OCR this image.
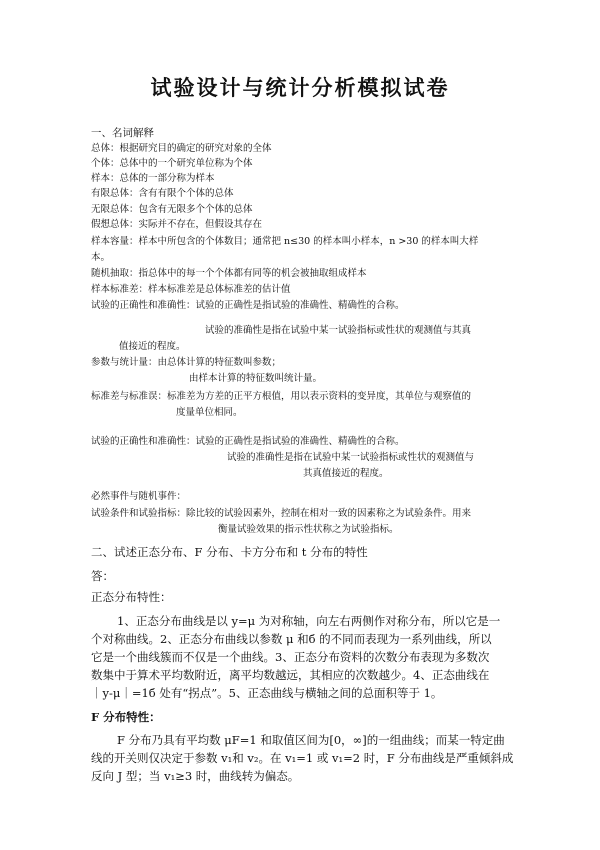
试验设计与统计分析模拟试卷
一、名词解释
总体：根据研究目的确定的研究对象的全体
个体：总体中的一个研究单位称为个体
样本：总体的一部分称为样本
有限总体：含有有限个个体的总体
无限总体：包含有无限多个个体的总体
假想总体：实际并不存在，但假设其存在
样本容量：样本中所包含的个体数目；通常把 n≤30 的样本叫小样本，n >30 的样本叫大样
本。
随机抽取：指总体中的每一个个体都有同等的机会被抽取组成样本
样本标准差：样本标准差是总体标准差的估计值
试验的正确性和准确性：试验的正确性是指试验的准确性、精确性的合称。
试验的准确性是指在试验中某一试验指标或性状的观测值与其真
值接近的程度。
参数与统计量：由总体计算的特征数叫参数；
由样本计算的特征数叫统计量。
标准差与标准误：标准差为方差的正平方根值，用以表示资料的变异度，其单位与观察值的
度量单位相同。
试验的正确性和准确性：试验的正确性是指试验的准确性、精确性的合称。
试验的准确性是指在试验中某一试验指标或性状的观测值与
其真值接近的程度。
必然事件与随机事件：
试验条件和试验指标：除比较的试验因素外，控制在相对一致的因素称之为试验条件。用来
衡量试验效果的指示性状称之为试验指标。
二、试述正态分布、F 分布、卡方分布和 t 分布的特性
答：
正态分布特性：
1、正态分布曲线是以 y=μ 为对称轴，向左右两侧作对称分布，所以它是一
个对称曲线。2、正态分布曲线以参数 μ 和б 的不同而表现为一系列曲线，所以
它是一个曲线簇而不仅是一个曲线。3、正态分布资料的次数分布表现为多数次
数集中于算术平均数附近，离平均数越远，其相应的次数越少。4、正态曲线在
｜y-μ｜=1б 处有“拐点”。5、正态曲线与横轴之间的总面积等于 1。
F 分布特性：
F 分布乃具有平均数 μF=1 和取值区间为[0，∞]的一组曲线；而某一特定曲
线的开关则仅决定于参数 v₁和 v₂。在 v₁=1 或 v₁=2 时，F 分布曲线是严重倾斜成
反向 J 型；当 v₁≥3 时，曲线转为偏态。
